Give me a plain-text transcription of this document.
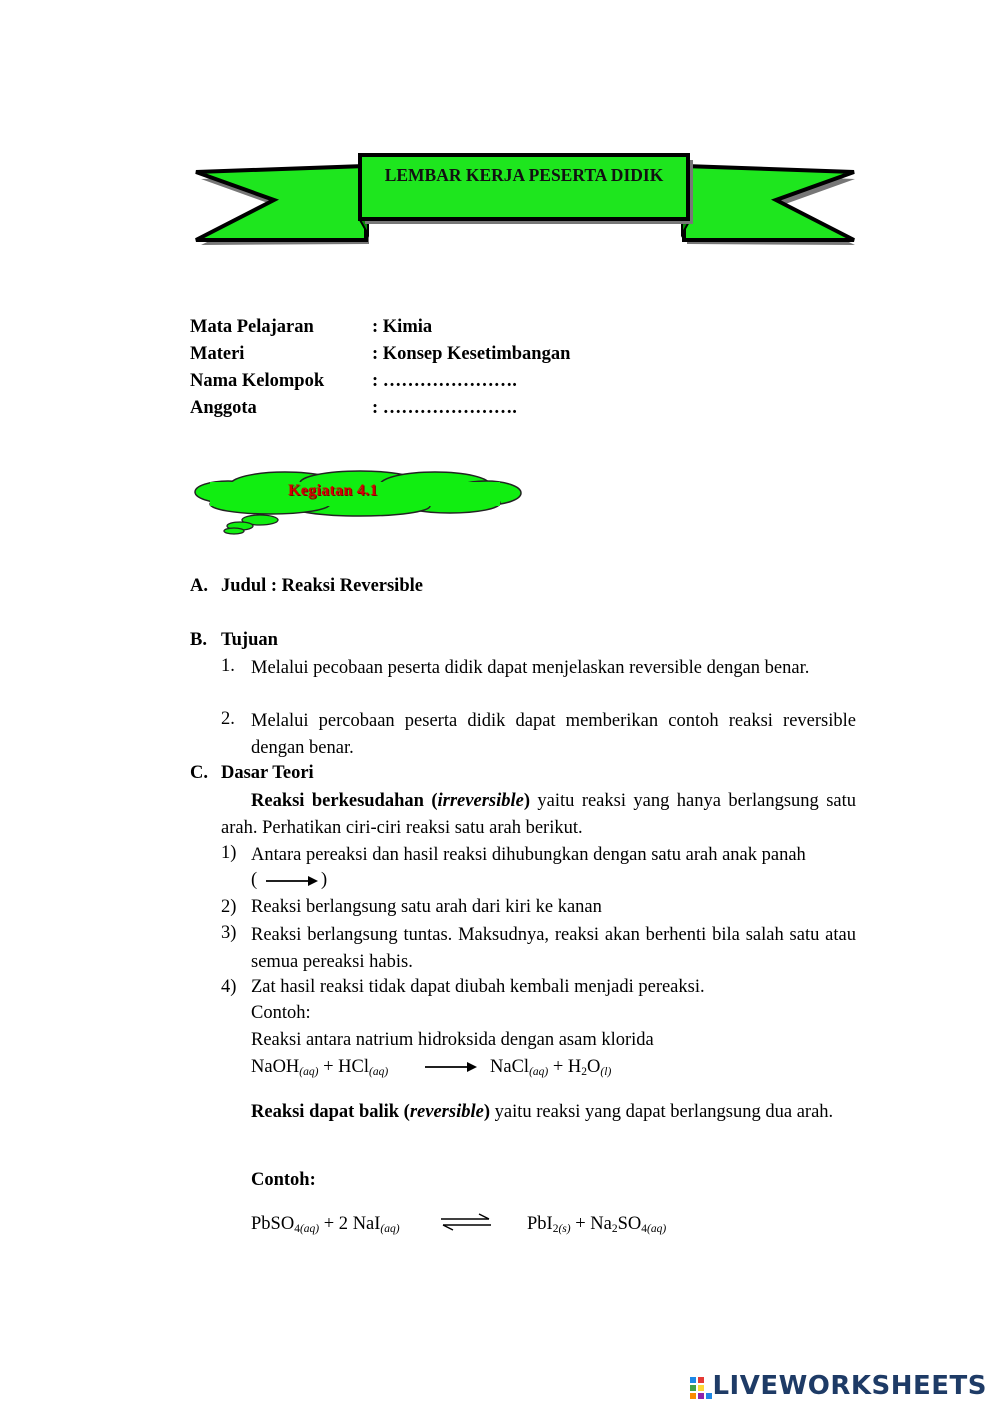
LEMBAR KERJA PESERTA DIDIK
Mata Pelajaran	: Kimia
Materi	: Konsep Kesetimbangan
Nama Kelompok	: ………………….
Anggota	: ………………….
Kegiatan 4.1
A. Judul : Reaksi Reversible
B. Tujuan
1. Melalui pecobaan peserta didik dapat menjelaskan reversible dengan benar.
2. Melalui percobaan peserta didik dapat memberikan contoh reaksi reversible dengan benar.
C. Dasar Teori
Reaksi berkesudahan (irreversible) yaitu reaksi yang hanya berlangsung satu arah. Perhatikan ciri-ciri reaksi satu arah berikut.
1) Antara pereaksi dan hasil reaksi dihubungkan dengan satu arah anak panah
(	)
2) Reaksi berlangsung satu arah dari kiri ke kanan
3) Reaksi berlangsung tuntas. Maksudnya, reaksi akan berhenti bila salah satu atau semua pereaksi habis.
4) Zat hasil reaksi tidak dapat diubah kembali menjadi pereaksi.
Contoh:
Reaksi antara natrium hidroksida dengan asam klorida
NaOH$_{(aq)}$ + HCl$_{(aq)}$	NaCl$_{(aq)}$ + $H2O_{(l)}$
Reaksi dapat balik (reversible) yaitu reaksi yang dapat berlangsung dua arah.
Contoh:
$PbSO4_{(aq)} + 2$ NaI$_{(aq)}$	$PbI2_{(s)} + Na2SO4_{(aq)}$
LIVEWORKSHEETS
